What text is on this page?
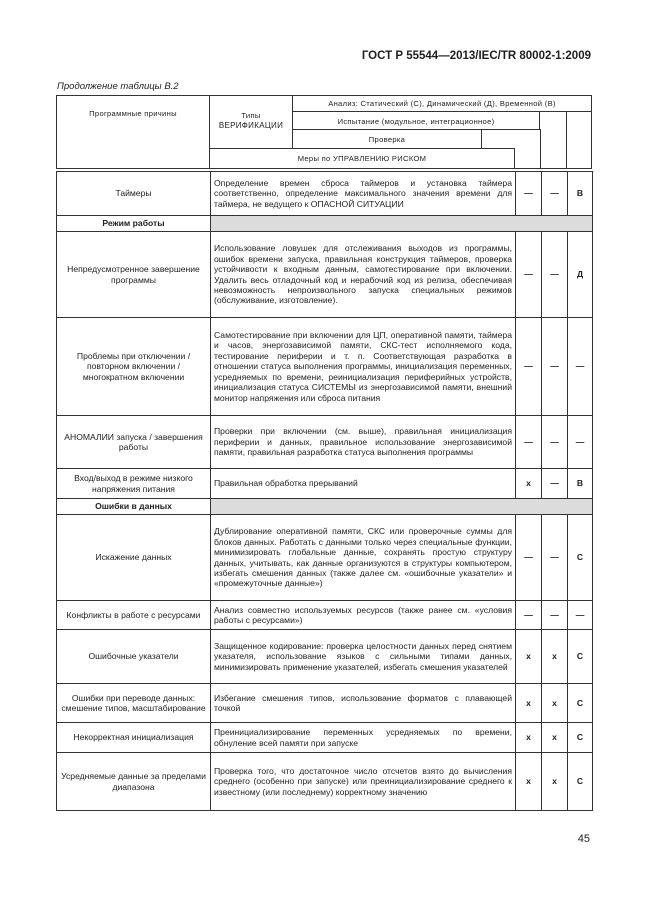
ГОСТ Р 55544—2013/IEC/TR 80002-1:2009
Продолжение таблицы В.2
Программные причины	Типы
ВЕРИФИКАЦИИ
Анализ: Статический (С), Динамический (Д), Временной (В)
Испытание (модульное, интеграционное)
Проверка
Меры по УПРАВЛЕНИЮ РИСКОМ
Таймеры	Определение времен сброса таймеров и установка таймера соответственно, определение максимального значения времени для таймера, не ведущего к ОПАСНОЙ СИТУАЦИИ	—	—	В
Режим работы				
Непредусмотренное завершение программы	Использование ловушек для отслеживания выходов из программы, ошибок времени запуска, правильная конструкция таймеров, проверка устойчивости к входным данным, самотестирование при включении. Удалить весь отладочный код и нерабочий код из релиза, обеспечивая невозможность непроизвольного запуска специальных режимов (обслуживание, изготовление).	—	—	Д
Проблемы при отключении / повторном включении / многократном включении	Самотестирование при включении для ЦП, оперативной памяти, таймера и часов, энергозависимой памяти, СКС-тест исполняемого кода, тестирование периферии и т. п. Соответствующая разработка в отношении статуса выполнения программы, инициализация переменных, усредняемых по времени, реинициализация периферийных устройств, инициализация статуса СИСТЕМЫ из энергозависимой памяти, внешний монитор напряжения или сброса питания	—	—	—
АНОМАЛИИ запуска / завершения работы	Проверки при включении (см. выше), правильная инициализация периферии и данных, правильное использование энергозависимой памяти, правильная разработка статуса выполнения программы	—	—	—
Вход/выход в режиме низкого напряжения питания	Правильная обработка прерываний	х	—	В
Ошибки в данных				
Искажение данных	Дублирование оперативной памяти, СКС или проверочные суммы для блоков данных. Работать с данными только через специальные функции, минимизировать глобальные данные, сохранять простую структуру данных, учитывать, как данные организуются в структуры компьютером, избегать смешения данных (также далее см. «ошибочные указатели» и «промежуточные данные»)	—	—	С
Конфликты в работе с ресурсами	Анализ совместно используемых ресурсов (также ранее см. «условия работы с ресурсами»)	—	—	—
Ошибочные указатели	Защищенное кодирование: проверка целостности данных перед снятием указателя, использование языков с сильными типами данных, минимизировать применение указателей, избегать смешения указателей	х	х	С
Ошибки при переводе данных: смешение типов, масштабирование	Избегание смешения типов, использование форматов с плавающей точкой	х	х	С
Некорректная инициализация	Преинициализирование переменных усредняемых по времени, обнуление всей памяти при запуске	х	х	С
Усредняемые данные за пределами диапазона	Проверка того, что достаточное число отсчетов взято до вычисления среднего (особенно при запуске) или преинициализирование среднего к известному (или последнему) корректному значению	х	х	С
45
